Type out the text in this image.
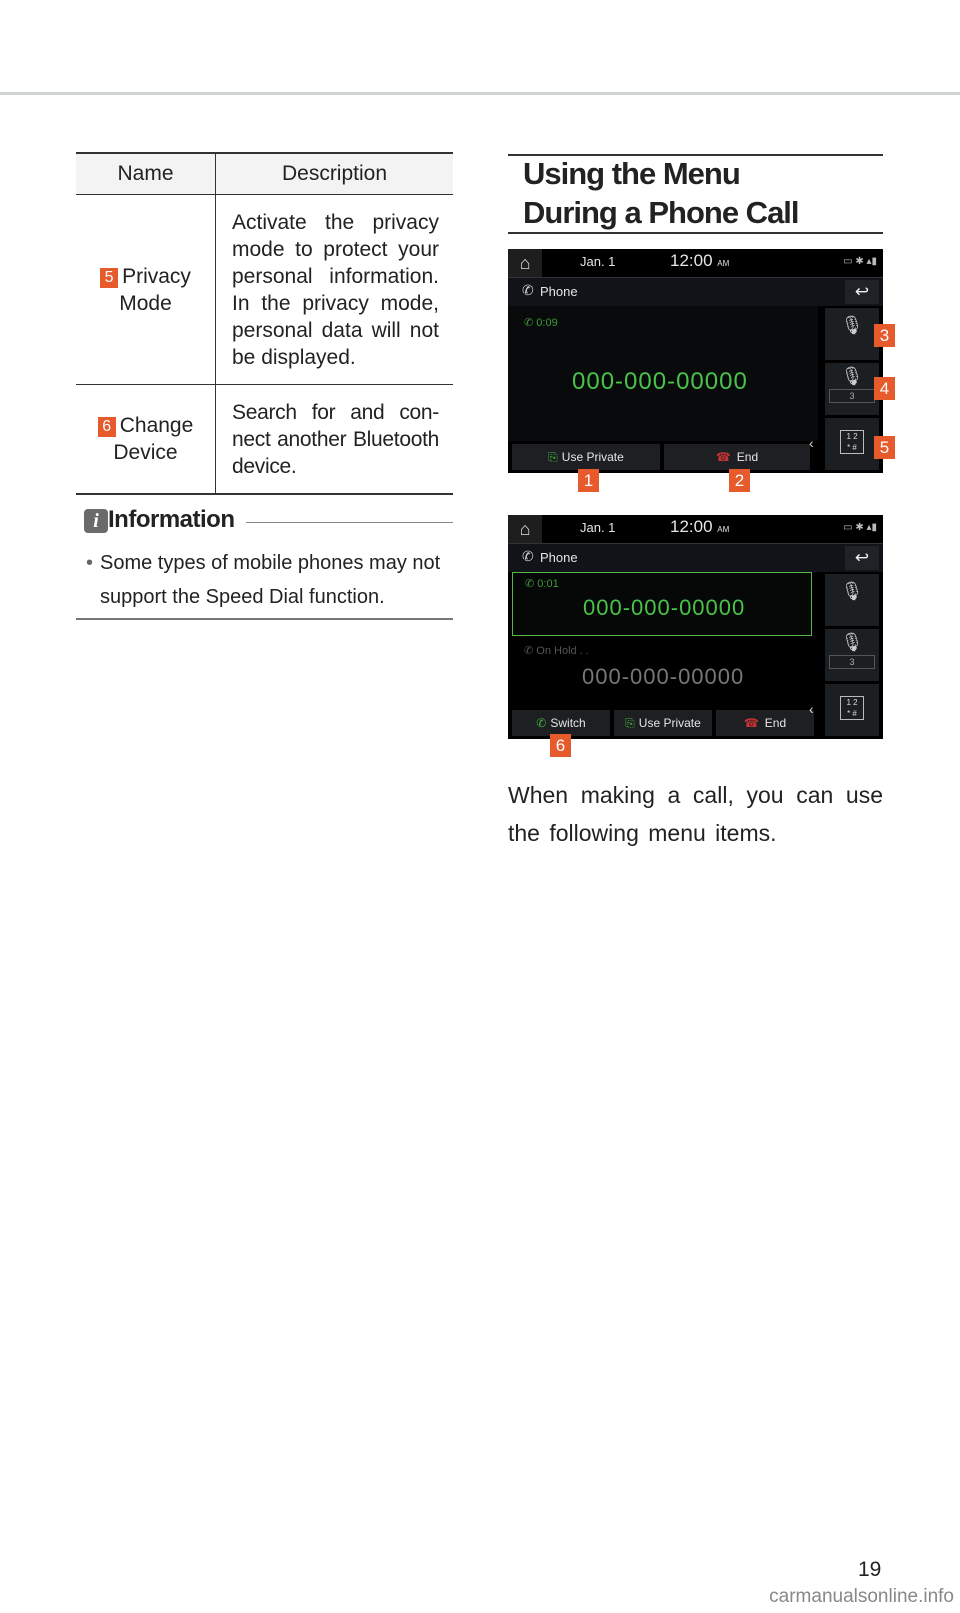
Name	Description
5 Privacy Mode	Activate the privacy mode to protect your personal information. In the privacy mode, personal data will not be displayed.
6 Change Device	Search for and con-nect another Bluetooth device.
i Information
• Some types of mobile phones may not support the Speed Dial function.
Using the Menu
During a Phone Call
⌂	Jan. 1	12:00 AM	▭ ✱ ▴▮
✆ Phone	↩
✆ 0:09
000-000-00000
⎘ Use Private	☎ End
🎙
🎙
3
1 2
* #
‹
1	2
3
4
5
⌂	Jan. 1	12:00 AM	▭ ✱ ▴▮
✆ Phone	↩
✆ 0:01
000-000-00000
✆ On Hold . .
000-000-00000
✆ Switch	⎘ Use Private	☎ End
🎙
🎙
3
1 2
* #
‹
6
When making a call, you can use the following menu items.
19
carmanualsonline.info
